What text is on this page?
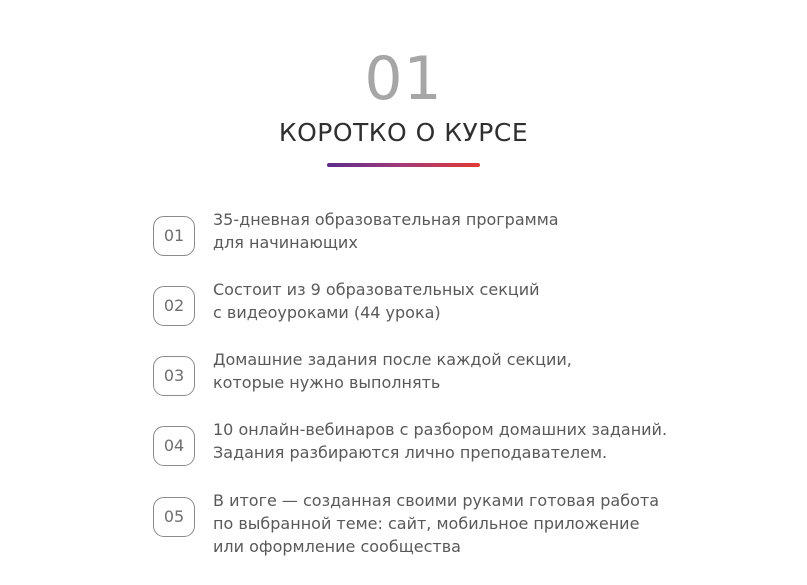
01
КОРОТКО О КУРСЕ
01
35-дневная образовательная программа
для начинающих
02
Состоит из 9 образовательных секций
с видеоуроками (44 урока)
03
Домашние задания после каждой секции,
которые нужно выполнять
04
10 онлайн-вебинаров с разбором домашних заданий.
Задания разбираются лично преподавателем.
05
В итоге — созданная своими руками готовая работа
по выбранной теме: сайт, мобильное приложение
или оформление сообщества
